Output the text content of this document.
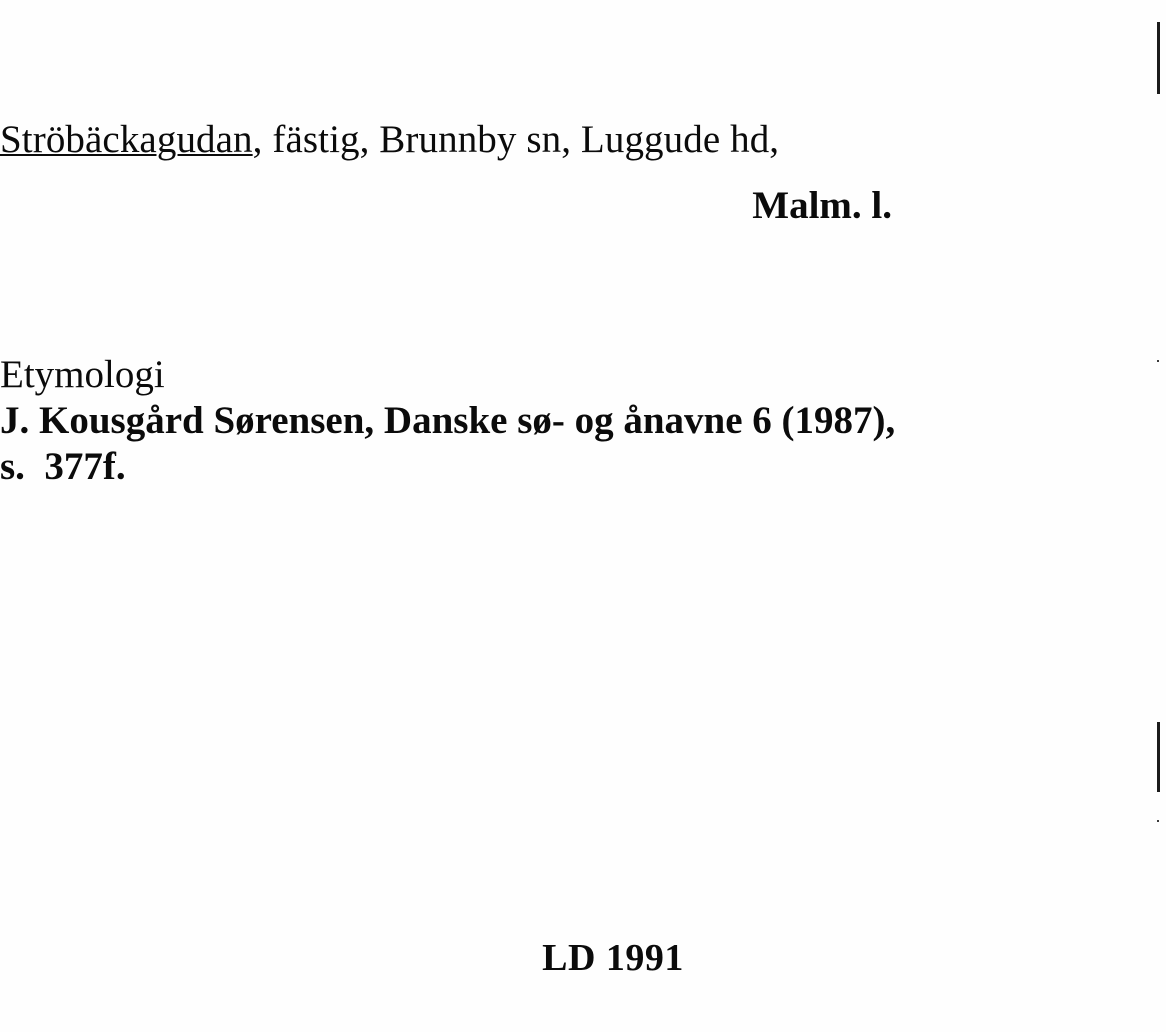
Ströbäckagudan, fästig, Brunnby sn, Luggude hd,
Malm. l.
Etymologi
J. Kousgård Sørensen, Danske sø- og ånavne 6 (1987),
s.  377f.
LD 1991
